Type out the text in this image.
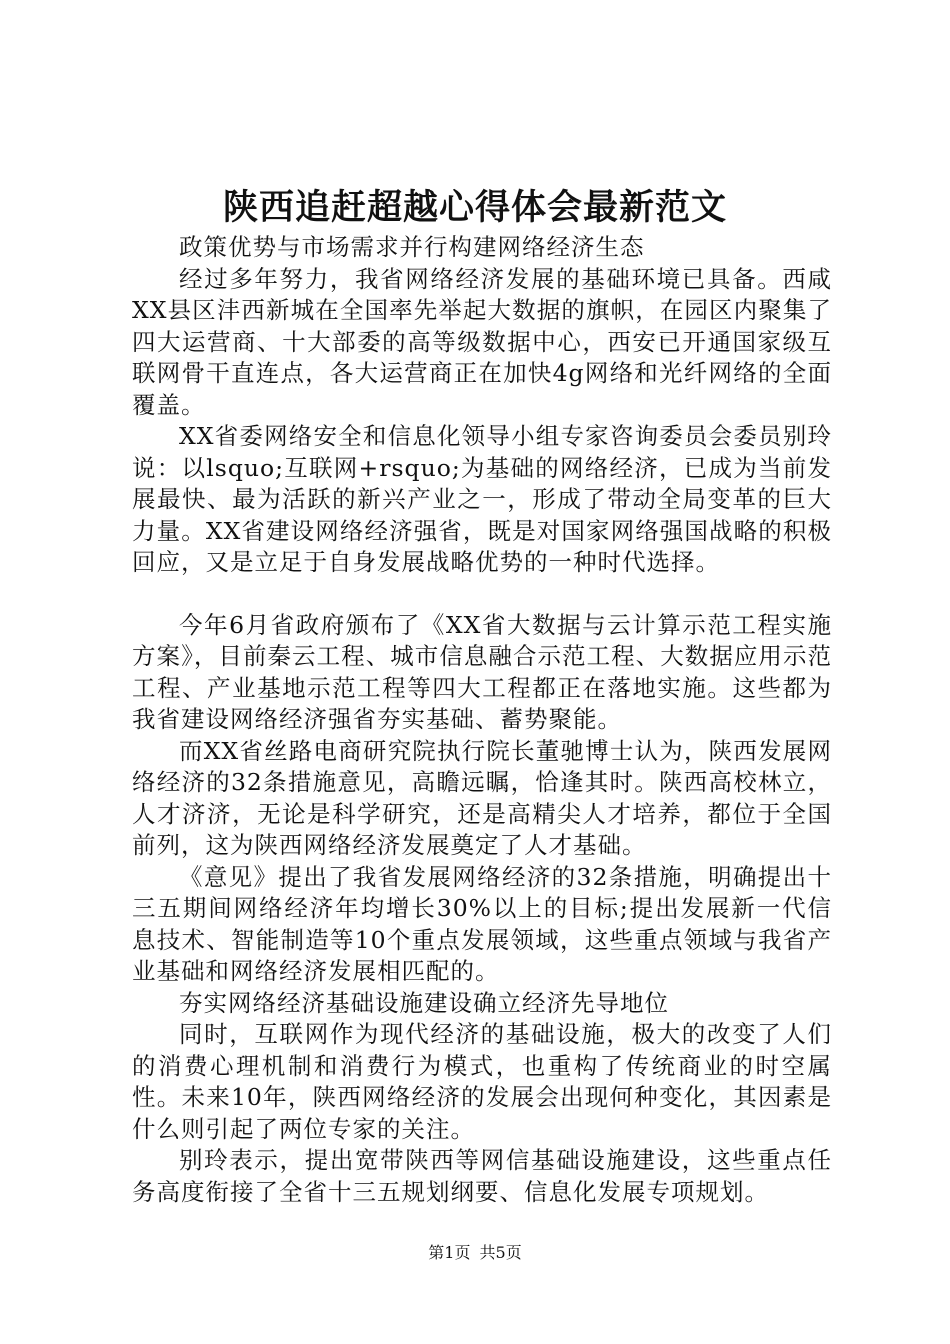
陕西追赶超越心得体会最新范文

政策优势与市场需求并行构建网络经济生态

经过多年努力，我省网络经济发展的基础环境已具备。西咸XX县区沣西新城在全国率先举起大数据的旗帜，在园区内聚集了四大运营商、十大部委的高等级数据中心，西安已开通国家级互联网骨干直连点，各大运营商正在加快4g网络和光纤网络的全面覆盖。

XX省委网络安全和信息化领导小组专家咨询委员会委员别玲说：以lsquo;互联网+rsquo;为基础的网络经济，已成为当前发展最快、最为活跃的新兴产业之一，形成了带动全局变革的巨大力量。XX省建设网络经济强省，既是对国家网络强国战略的积极回应，又是立足于自身发展战略优势的一种时代选择。

今年6月省政府颁布了《XX省大数据与云计算示范工程实施方案》，目前秦云工程、城市信息融合示范工程、大数据应用示范工程、产业基地示范工程等四大工程都正在落地实施。这些都为我省建设网络经济强省夯实基础、蓄势聚能。

而XX省丝路电商研究院执行院长董驰博士认为，陕西发展网络经济的32条措施意见，高瞻远瞩，恰逢其时。陕西高校林立，人才济济，无论是科学研究，还是高精尖人才培养，都位于全国前列，这为陕西网络经济发展奠定了人才基础。

《意见》提出了我省发展网络经济的32条措施，明确提出十三五期间网络经济年均增长30%以上的目标;提出发展新一代信息技术、智能制造等10个重点发展领域，这些重点领域与我省产业基础和网络经济发展相匹配的。

夯实网络经济基础设施建设确立经济先导地位

同时，互联网作为现代经济的基础设施，极大的改变了人们的消费心理机制和消费行为模式，也重构了传统商业的时空属性。未来10年，陕西网络经济的发展会出现何种变化，其因素是什么则引起了两位专家的关注。

别玲表示，提出宽带陕西等网信基础设施建设，这些重点任务高度衔接了全省十三五规划纲要、信息化发展专项规划。

第1页 共5页
